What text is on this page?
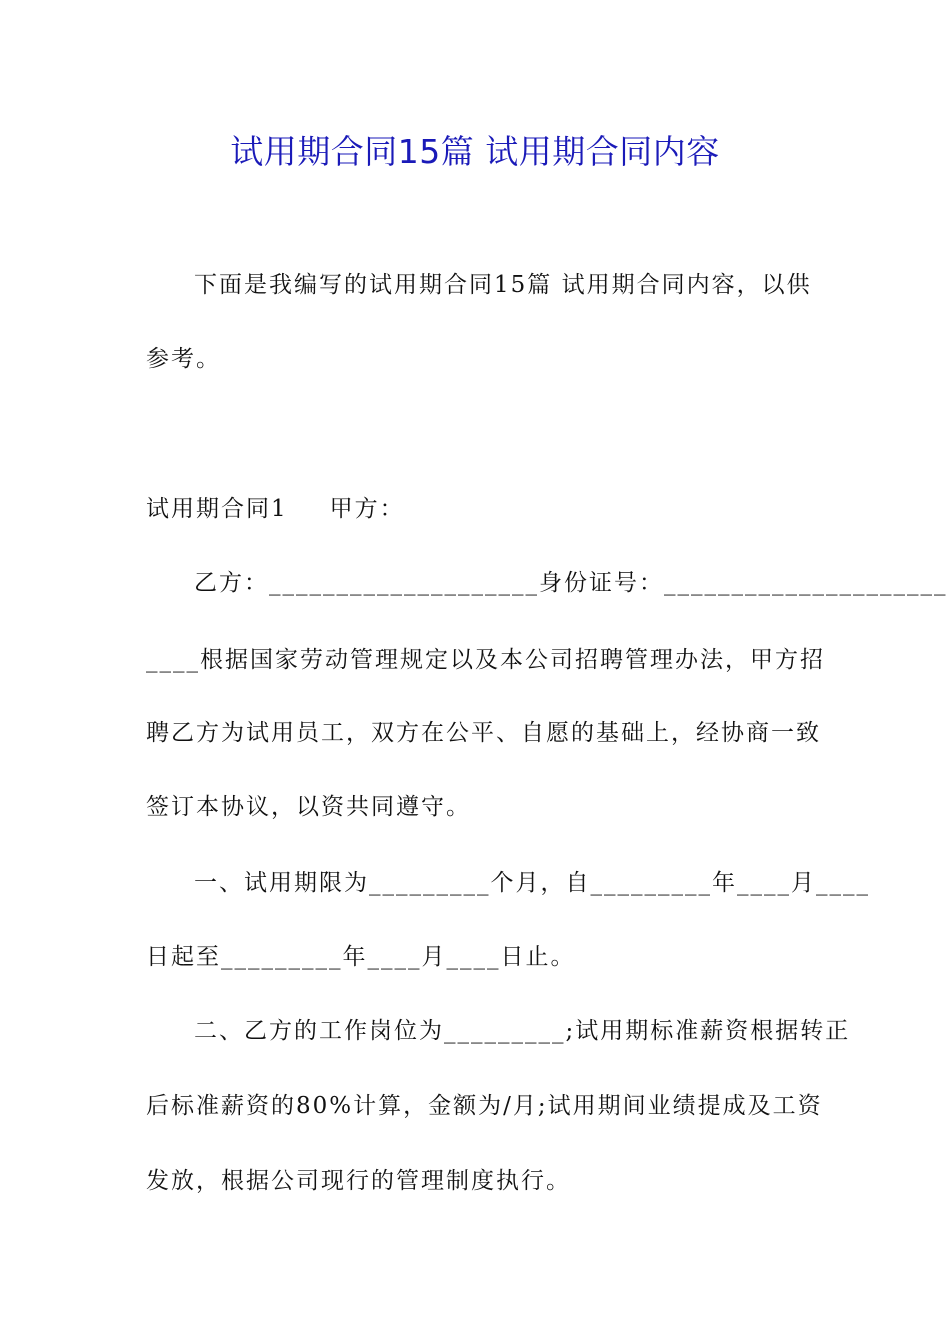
试用期合同15篇 试用期合同内容
下面是我编写的试用期合同15篇 试用期合同内容，以供
参考。
试用期合同1 甲方：
乙方：____________________身份证号：_____________________
____根据国家劳动管理规定以及本公司招聘管理办法，甲方招
聘乙方为试用员工，双方在公平、自愿的基础上，经协商一致
签订本协议，以资共同遵守。
一、试用期限为_________个月，自_________年____月____
日起至_________年____月____日止。
二、乙方的工作岗位为_________;试用期标准薪资根据转正
后标准薪资的80%计算，金额为/月;试用期间业绩提成及工资
发放，根据公司现行的管理制度执行。
